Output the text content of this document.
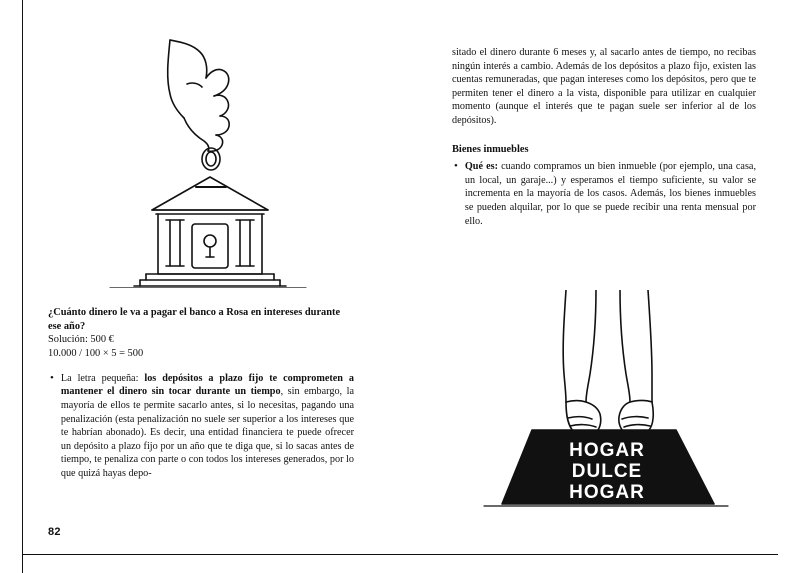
¿Cuánto dinero le va a pagar el banco a Rosa en intereses durante ese año?
Solución: 500 €
10.000 / 100 × 5 = 500
• La letra pequeña: los depósitos a plazo fijo te comprometen a mantener el dinero sin tocar durante un tiempo, sin embargo, la mayoría de ellos te permite sacarlo antes, si lo necesitas, pagando una penalización (esta penalización no suele ser superior a los intereses que te habrían abonado). Es decir, una entidad financiera te puede ofrecer un depósito a plazo fijo por un año que te diga que, si lo sacas antes de tiempo, te penaliza con parte o con todos los intereses generados, por lo que quizá hayas depo-
82
sitado el dinero durante 6 meses y, al sacarlo antes de tiempo, no recibas ningún interés a cambio. Además de los depósitos a plazo fijo, existen las cuentas remuneradas, que pagan intereses como los depósitos, pero que te permiten tener el dinero a la vista, disponible para utilizar en cualquier momento (aunque el interés que te pagan suele ser inferior al de los depósitos).
Bienes inmuebles
• Qué es: cuando compramos un bien inmueble (por ejemplo, una casa, un local, un garaje...) y esperamos el tiempo suficiente, su valor se incrementa en la mayoría de los casos. Además, los bienes inmuebles se pueden alquilar, por lo que se puede recibir una renta mensual por ello.
HOGAR
DULCE
HOGAR
